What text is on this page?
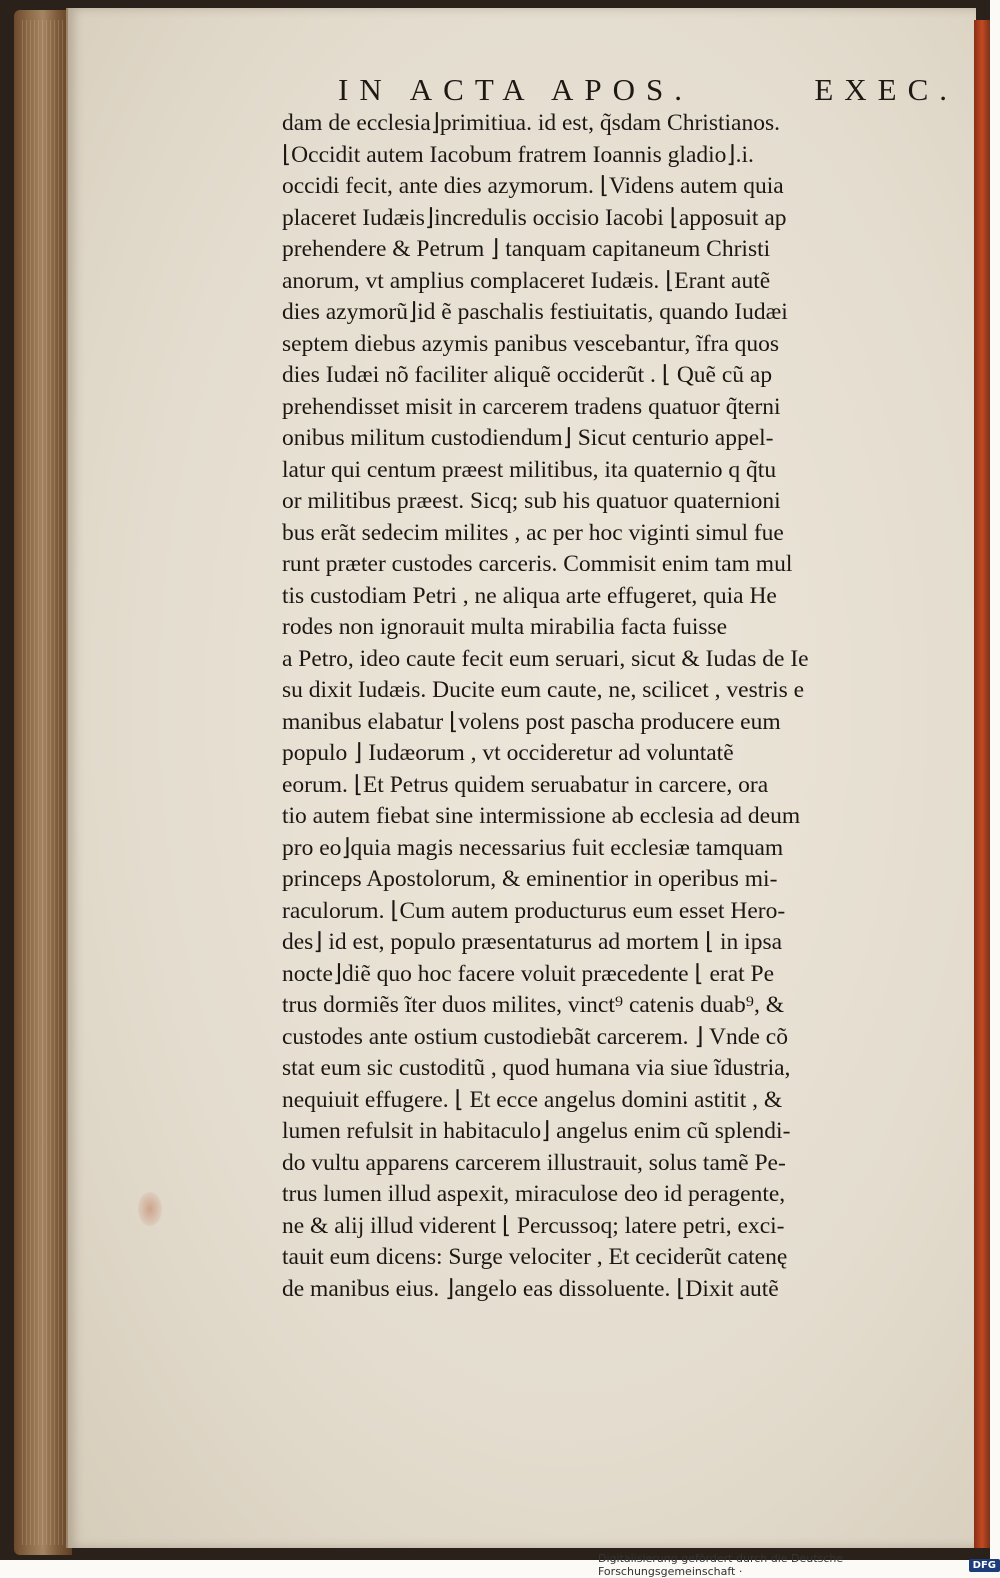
IN ACTA APOS.	EXEC.
dam de ecclesia⌋primitiua. id est, q̃sdam Christianos.
⌊Occidit autem Iacobum fratrem Ioannis gladio⌋.i.
occidi fecit, ante dies azymorum. ⌊Videns autem quia
placeret Iudæis⌋incredulis occisio Iacobi ⌊apposuit ap
prehendere & Petrum ⌋ tanquam capitaneum Christi
anorum, vt amplius complaceret Iudæis. ⌊Erant autẽ
dies azymorũ⌋id ẽ paschalis festiuitatis, quando Iudæi
septem diebus azymis panibus vescebantur, ĩfra quos
dies Iudæi nõ faciliter aliquẽ occiderũt . ⌊ Quẽ cũ ap
prehendisset misit in carcerem tradens quatuor q̃terni
onibus militum custodiendum⌋ Sicut centurio appel-
latur qui centum præest militibus, ita quaternio q q̃tu
or militibus præest. Sicq; sub his quatuor quaternioni
bus erãt sedecim milites , ac per hoc viginti simul fue
runt præter custodes carceris. Commisit enim tam mul
tis custodiam Petri , ne aliqua arte effugeret, quia He
rodes non ignorauit multa mirabilia facta fuisse
a Petro, ideo caute fecit eum seruari, sicut & Iudas de Ie
su dixit Iudæis. Ducite eum caute, ne, scilicet , vestris e
manibus elabatur ⌊volens post pascha producere eum
populo ⌋ Iudæorum , vt occideretur ad voluntatẽ
eorum. ⌊Et Petrus quidem seruabatur in carcere, ora
tio autem fiebat sine intermissione ab ecclesia ad deum
pro eo⌋quia magis necessarius fuit ecclesiæ tamquam
princeps Apostolorum, & eminentior in operibus mi-
raculorum. ⌊Cum autem producturus eum esset Hero-
des⌋ id est, populo præsentaturus ad mortem ⌊ in ipsa
nocte⌋diẽ quo hoc facere voluit præcedente ⌊ erat Pe
trus dormiẽs ĩter duos milites, vinct⁹ catenis duab⁹, &
custodes ante ostium custodiebãt carcerem. ⌋ Vnde cõ
stat eum sic custoditũ , quod humana via siue ĩdustria,
nequiuit effugere. ⌊ Et ecce angelus domini astitit , &
lumen refulsit in habitaculo⌋ angelus enim cũ splendi-
do vultu apparens carcerem illustrauit, solus tamẽ Pe-
trus lumen illud aspexit, miraculose deo id peragente,
ne & alij illud viderent ⌊ Percussoq; latere petri, exci-
tauit eum dicens: Surge velociter , Et ceciderũt catenę
de manibus eius. ⌋angelo eas dissoluente. ⌊Dixit autẽ
Digitalisierung gefördert durch die Deutsche Forschungsgemeinschaft ·	DFG
